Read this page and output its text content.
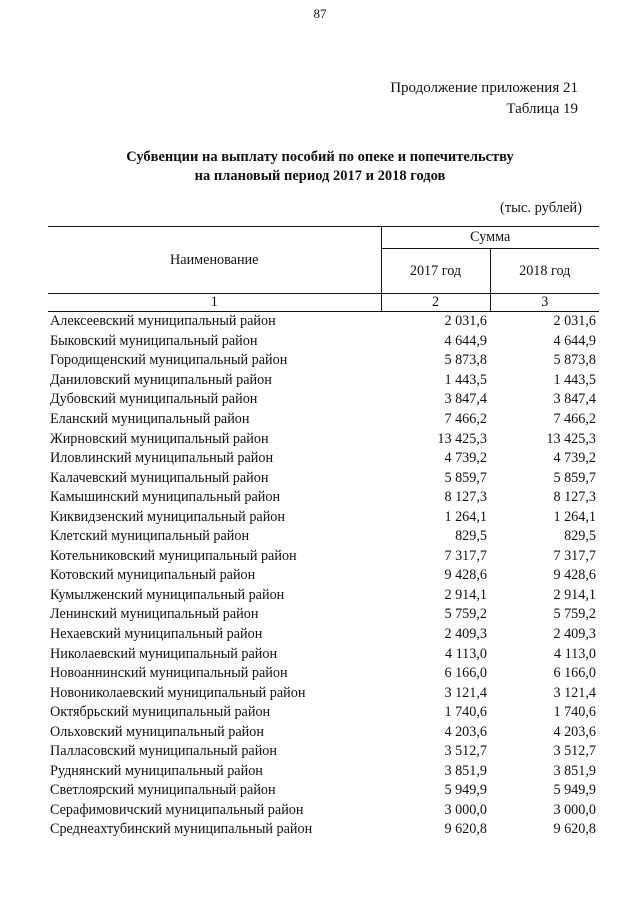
87
Продолжение приложения 21
Таблица 19
Субвенции на выплату пособий по опеке и попечительству
на плановый период 2017 и 2018 годов
(тыс. рублей)
Наименование	Сумма	
	2017 год	2018 год
1	2	3
Алексеевский муниципальный район	2 031,6	2 031,6
Быковский муниципальный район	4 644,9	4 644,9
Городищенский муниципальный район	5 873,8	5 873,8
Даниловский муниципальный район	1 443,5	1 443,5
Дубовский муниципальный район	3 847,4	3 847,4
Еланский муниципальный район	7 466,2	7 466,2
Жирновский муниципальный район	13 425,3	13 425,3
Иловлинский муниципальный район	4 739,2	4 739,2
Калачевский муниципальный район	5 859,7	5 859,7
Камышинский муниципальный район	8 127,3	8 127,3
Киквидзенский муниципальный район	1 264,1	1 264,1
Клетский муниципальный район	829,5	829,5
Котельниковский муниципальный район	7 317,7	7 317,7
Котовский муниципальный район	9 428,6	9 428,6
Кумылженский муниципальный район	2 914,1	2 914,1
Ленинский муниципальный район	5 759,2	5 759,2
Нехаевский муниципальный район	2 409,3	2 409,3
Николаевский муниципальный район	4 113,0	4 113,0
Новоаннинский муниципальный район	6 166,0	6 166,0
Новониколаевский муниципальный район	3 121,4	3 121,4
Октябрьский муниципальный район	1 740,6	1 740,6
Ольховский муниципальный район	4 203,6	4 203,6
Палласовский муниципальный район	3 512,7	3 512,7
Руднянский муниципальный район	3 851,9	3 851,9
Светлоярский муниципальный район	5 949,9	5 949,9
Серафимовичский муниципальный район	3 000,0	3 000,0
Среднеахтубинский муниципальный район	9 620,8	9 620,8
